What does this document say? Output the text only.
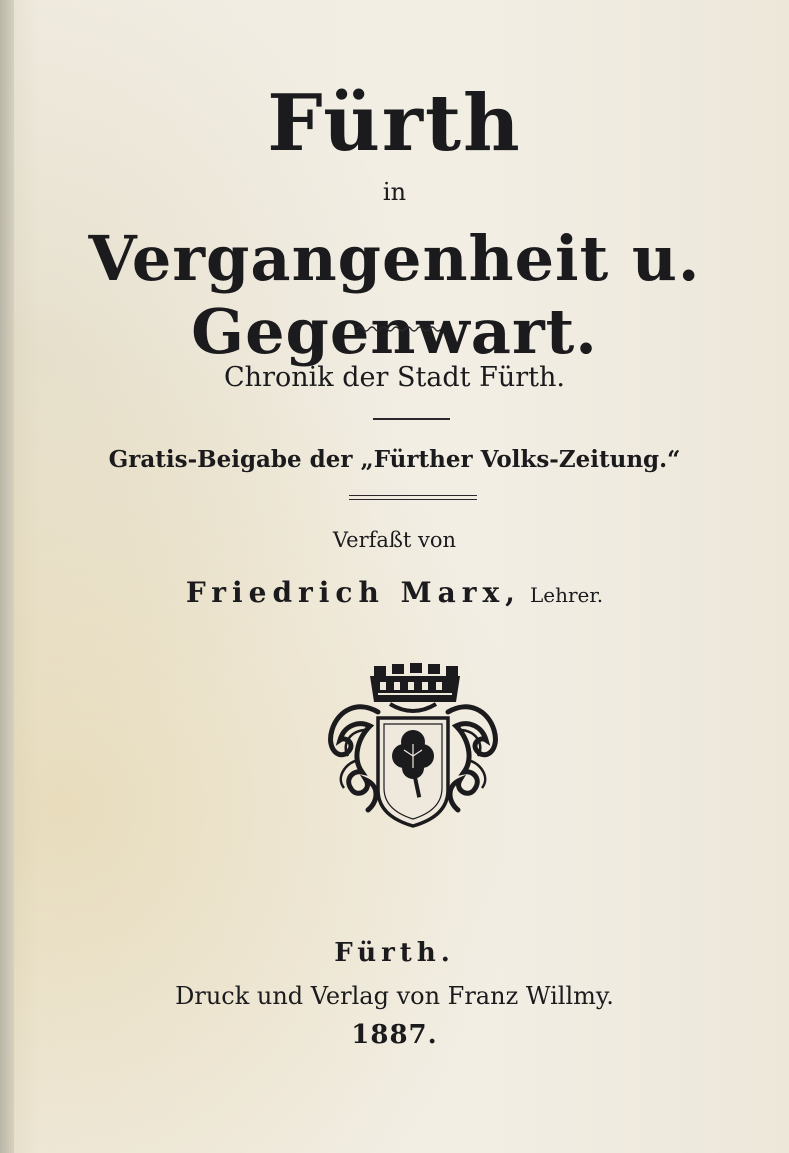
Fürth
in
Vergangenheit u. Gegenwart.
Chronik der Stadt Fürth.
Gratis-Beigabe der „Fürther Volks-Zeitung.“
Verfaßt von
Friedrich Marx, Lehrer.
Fürth.
Druck und Verlag von Franz Willmy.
1887.
